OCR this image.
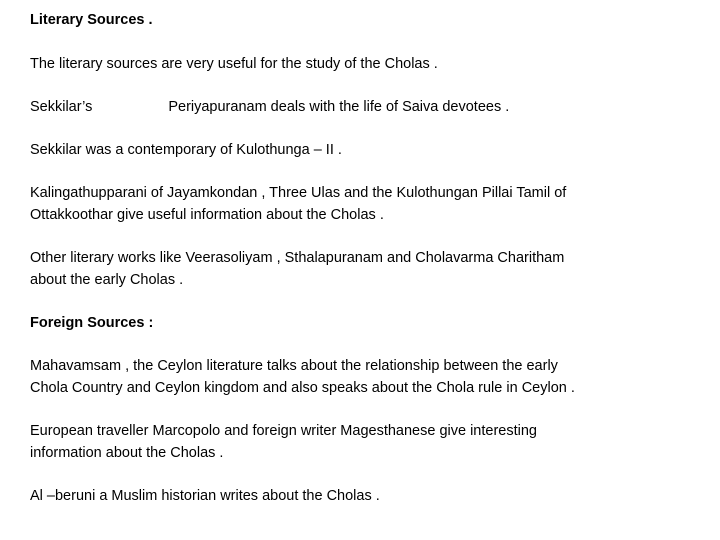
Literary Sources .
The literary sources are very useful for the study of the Cholas .
Sekkilar’s	Periyapuranam deals with the life of Saiva devotees .
Sekkilar was a contemporary of Kulothunga – II .
Kalingathupparani of Jayamkondan , Three Ulas and the Kulothungan Pillai Tamil of
Ottakkoothar give useful information about the Cholas .
Other literary works like Veerasoliyam , Sthalapuranam and Cholavarma Charitham
about the early Cholas .
Foreign Sources :
Mahavamsam , the Ceylon literature talks about the relationship between the early
Chola Country and Ceylon kingdom and also speaks about the Chola rule in Ceylon .
European traveller Marcopolo and foreign writer Magesthanese give interesting
information about the Cholas .
Al –beruni a Muslim historian writes about the Cholas .
